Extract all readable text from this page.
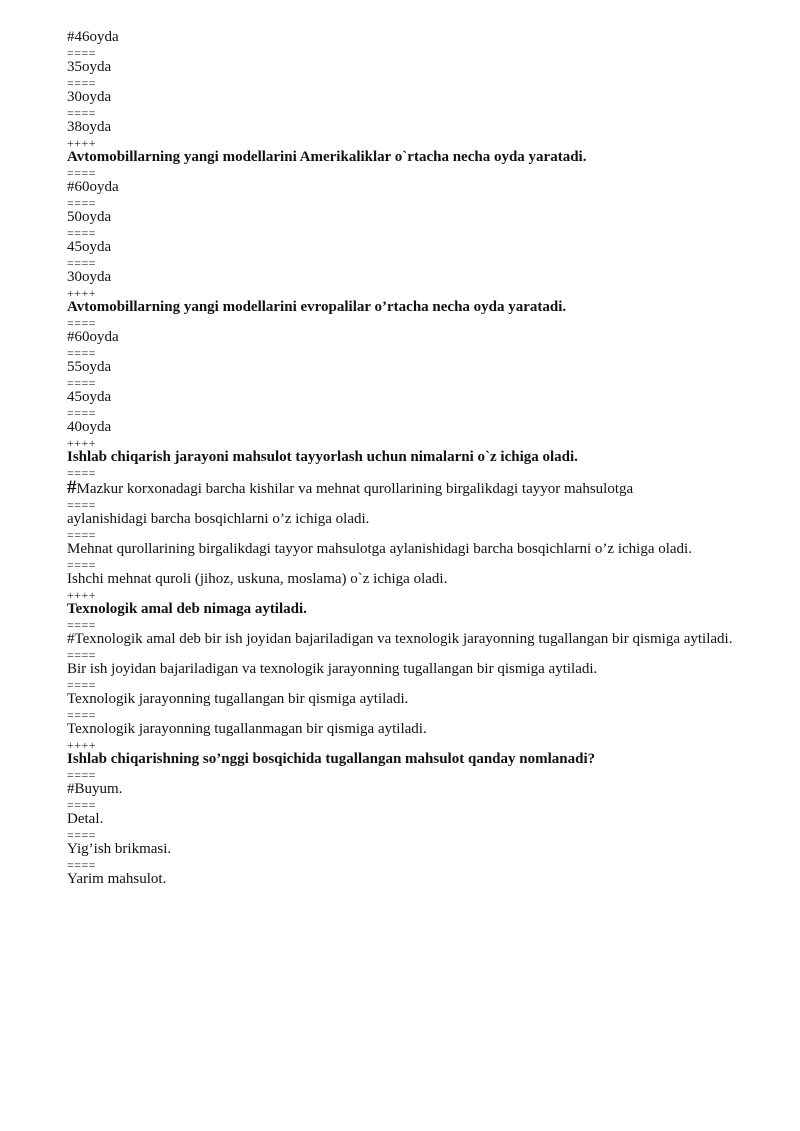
#46oyda
====
35oyda
====
30oyda
====
38oyda
++++
Avtomobillarning yangi modellarini Amerikaliklar o`rtacha necha oyda yaratadi.
====
#60oyda
====
50oyda
====
45oyda
====
30oyda
++++
Avtomobillarning yangi modellarini evropalilar o’rtacha necha oyda yaratadi.
====
#60oyda
====
55oyda
====
45oyda
====
40oyda
++++
Ishlab chiqarish jarayoni mahsulot tayyorlash uchun nimalarni o`z ichiga oladi.
====
#Mazkur korxonadagi barcha kishilar va mehnat qurollarining birgalikdagi tayyor mahsulotga
====
aylanishidagi barcha bosqichlarni o’z ichiga oladi.
====
Mehnat qurollarining birgalikdagi tayyor mahsulotga aylanishidagi barcha bosqichlarni o’z ichiga oladi.
====
Ishchi mehnat quroli (jihoz, uskuna, moslama) o`z ichiga oladi.
++++
Texnologik amal deb nimaga aytiladi.
====
#Texnologik amal deb bir ish joyidan bajariladigan va texnologik jarayonning tugallangan bir qismiga aytiladi.
====
Bir ish joyidan bajariladigan va texnologik jarayonning tugallangan bir qismiga aytiladi.
====
Texnologik jarayonning tugallangan bir qismiga aytiladi.
====
Texnologik jarayonning tugallanmagan bir qismiga aytiladi.
++++
Ishlab chiqarishning so’nggi bosqichida tugallangan mahsulot qanday nomlanadi?
====
#Buyum.
====
Detal.
====
Yig’ish brikmasi.
====
Yarim mahsulot.
